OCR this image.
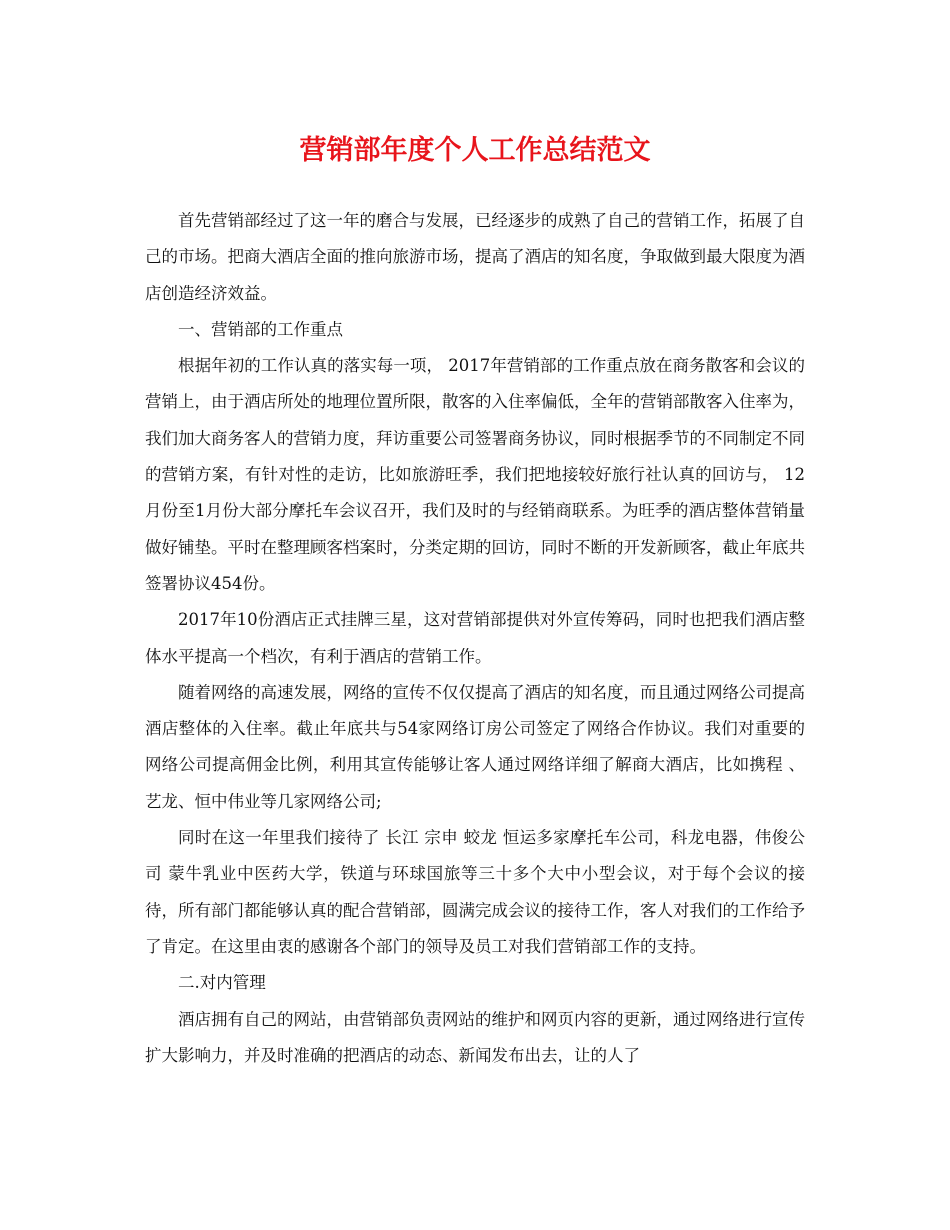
营销部年度个人工作总结范文

首先营销部经过了这一年的磨合与发展，已经逐步的成熟了自己的营销工作，拓展了自己的市场。把商大酒店全面的推向旅游市场，提高了酒店的知名度，争取做到最大限度为酒店创造经济效益。

一、营销部的工作重点

根据年初的工作认真的落实每一项， 2017年营销部的工作重点放在商务散客和会议的营销上，由于酒店所处的地理位置所限，散客的入住率偏低，全年的营销部散客入住率为，我们加大商务客人的营销力度，拜访重要公司签署商务协议，同时根据季节的不同制定不同的营销方案，有针对性的走访，比如旅游旺季，我们把地接较好旅行社认真的回访与， 12月份至1月份大部分摩托车会议召开，我们及时的与经销商联系。为旺季的酒店整体营销量做好铺垫。平时在整理顾客档案时，分类定期的回访，同时不断的开发新顾客，截止年底共签署协议454份。

2017年10份酒店正式挂牌三星，这对营销部提供对外宣传筹码，同时也把我们酒店整体水平提高一个档次，有利于酒店的营销工作。

随着网络的高速发展，网络的宣传不仅仅提高了酒店的知名度，而且通过网络公司提高酒店整体的入住率。截止年底共与54家网络订房公司签定了网络合作协议。我们对重要的网络公司提高佣金比例，利用其宣传能够让客人通过网络详细了解商大酒店，比如携程 、艺龙、恒中伟业等几家网络公司;

同时在这一年里我们接待了 长江 宗申 蛟龙 恒运多家摩托车公司，科龙电器，伟俊公司 蒙牛乳业中医药大学，铁道与环球国旅等三十多个大中小型会议，对于每个会议的接待，所有部门都能够认真的配合营销部，圆满完成会议的接待工作，客人对我们的工作给予了肯定。在这里由衷的感谢各个部门的领导及员工对我们营销部工作的支持。

二.对内管理

酒店拥有自己的网站，由营销部负责网站的维护和网页内容的更新，通过网络进行宣传扩大影响力，并及时准确的把酒店的动态、新闻发布出去，让的人了
